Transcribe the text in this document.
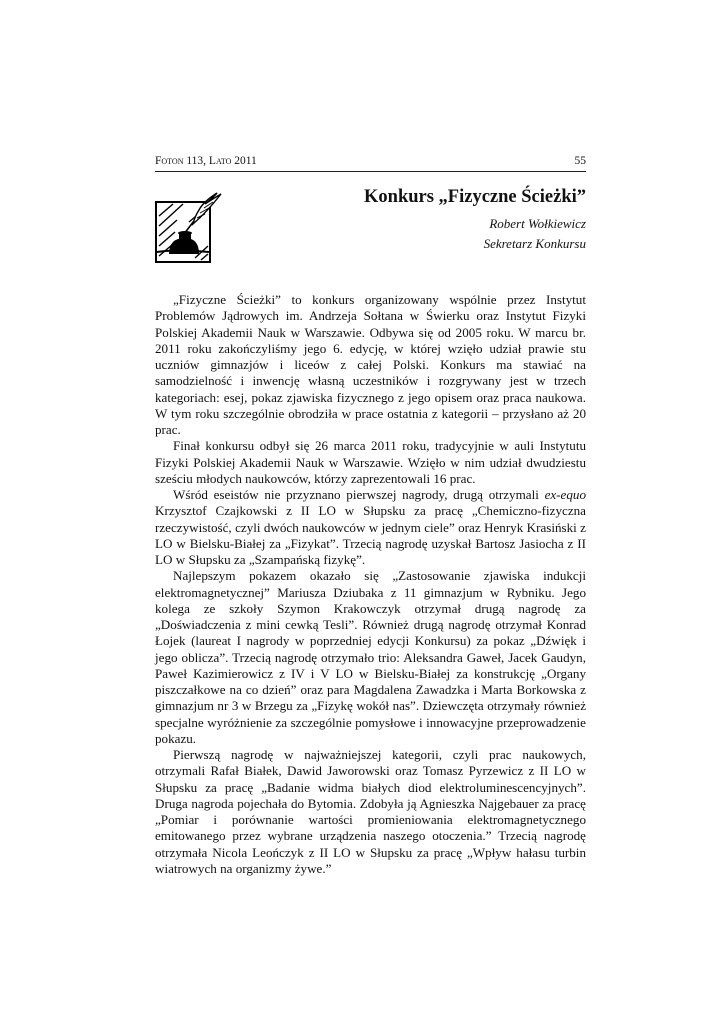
Foton 113, Lato 2011	55
Konkurs „Fizyczne Ścieżki”
Robert Wołkiewicz
Sekretarz Konkursu

„Fizyczne Ścieżki” to konkurs organizowany wspólnie przez Instytut Problemów Jądrowych im. Andrzeja Sołtana w Świerku oraz Instytut Fizyki Polskiej Akademii Nauk w Warszawie. Odbywa się od 2005 roku. W marcu br. 2011 roku zakończyliśmy jego 6. edycję, w której wzięło udział prawie stu uczniów gimnazjów i liceów z całej Polski. Konkurs ma stawiać na samodzielność i inwencję własną uczestników i rozgrywany jest w trzech kategoriach: esej, pokaz zjawiska fizycznego z jego opisem oraz praca naukowa. W tym roku szczególnie obrodziła w prace ostatnia z kategorii – przysłano aż 20 prac.

Finał konkursu odbył się 26 marca 2011 roku, tradycyjnie w auli Instytutu Fizyki Polskiej Akademii Nauk w Warszawie. Wzięło w nim udział dwudziestu sześciu młodych naukowców, którzy zaprezentowali 16 prac.

Wśród eseistów nie przyznano pierwszej nagrody, drugą otrzymali ex-equo Krzysztof Czajkowski z II LO w Słupsku za pracę „Chemiczno-fizyczna rzeczywistość, czyli dwóch naukowców w jednym ciele” oraz Henryk Krasiński z LO w Bielsku-Białej za „Fizykat”. Trzecią nagrodę uzyskał Bartosz Jasiocha z II LO w Słupsku za „Szampańską fizykę”.

Najlepszym pokazem okazało się „Zastosowanie zjawiska indukcji elektromagnetycznej” Mariusza Dziubaka z 11 gimnazjum w Rybniku. Jego kolega ze szkoły Szymon Krakowczyk otrzymał drugą nagrodę za „Doświadczenia z mini cewką Tesli”. Również drugą nagrodę otrzymał Konrad Łojek (laureat I nagrody w poprzedniej edycji Konkursu) za pokaz „Dźwięk i jego oblicza”. Trzecią nagrodę otrzymało trio: Aleksandra Gaweł, Jacek Gaudyn, Paweł Kazimierowicz z IV i V LO w Bielsku-Białej za konstrukcję „Organy piszczałkowe na co dzień” oraz para Magdalena Zawadzka i Marta Borkowska z gimnazjum nr 3 w Brzegu za „Fizykę wokół nas”. Dziewczęta otrzymały również specjalne wyróżnienie za szczególnie pomysłowe i innowacyjne przeprowadzenie pokazu.

Pierwszą nagrodę w najważniejszej kategorii, czyli prac naukowych, otrzymali Rafał Białek, Dawid Jaworowski oraz Tomasz Pyrzewicz z II LO w Słupsku za pracę „Badanie widma białych diod elektroluminescencyjnych”. Druga nagroda pojechała do Bytomia. Zdobyła ją Agnieszka Najgebauer za pracę „Pomiar i porównanie wartości promieniowania elektromagnetycznego emitowanego przez wybrane urządzenia naszego otoczenia.” Trzecią nagrodę otrzymała Nicola Leończyk z II LO w Słupsku za pracę „Wpływ hałasu turbin wiatrowych na organizmy żywe.”
